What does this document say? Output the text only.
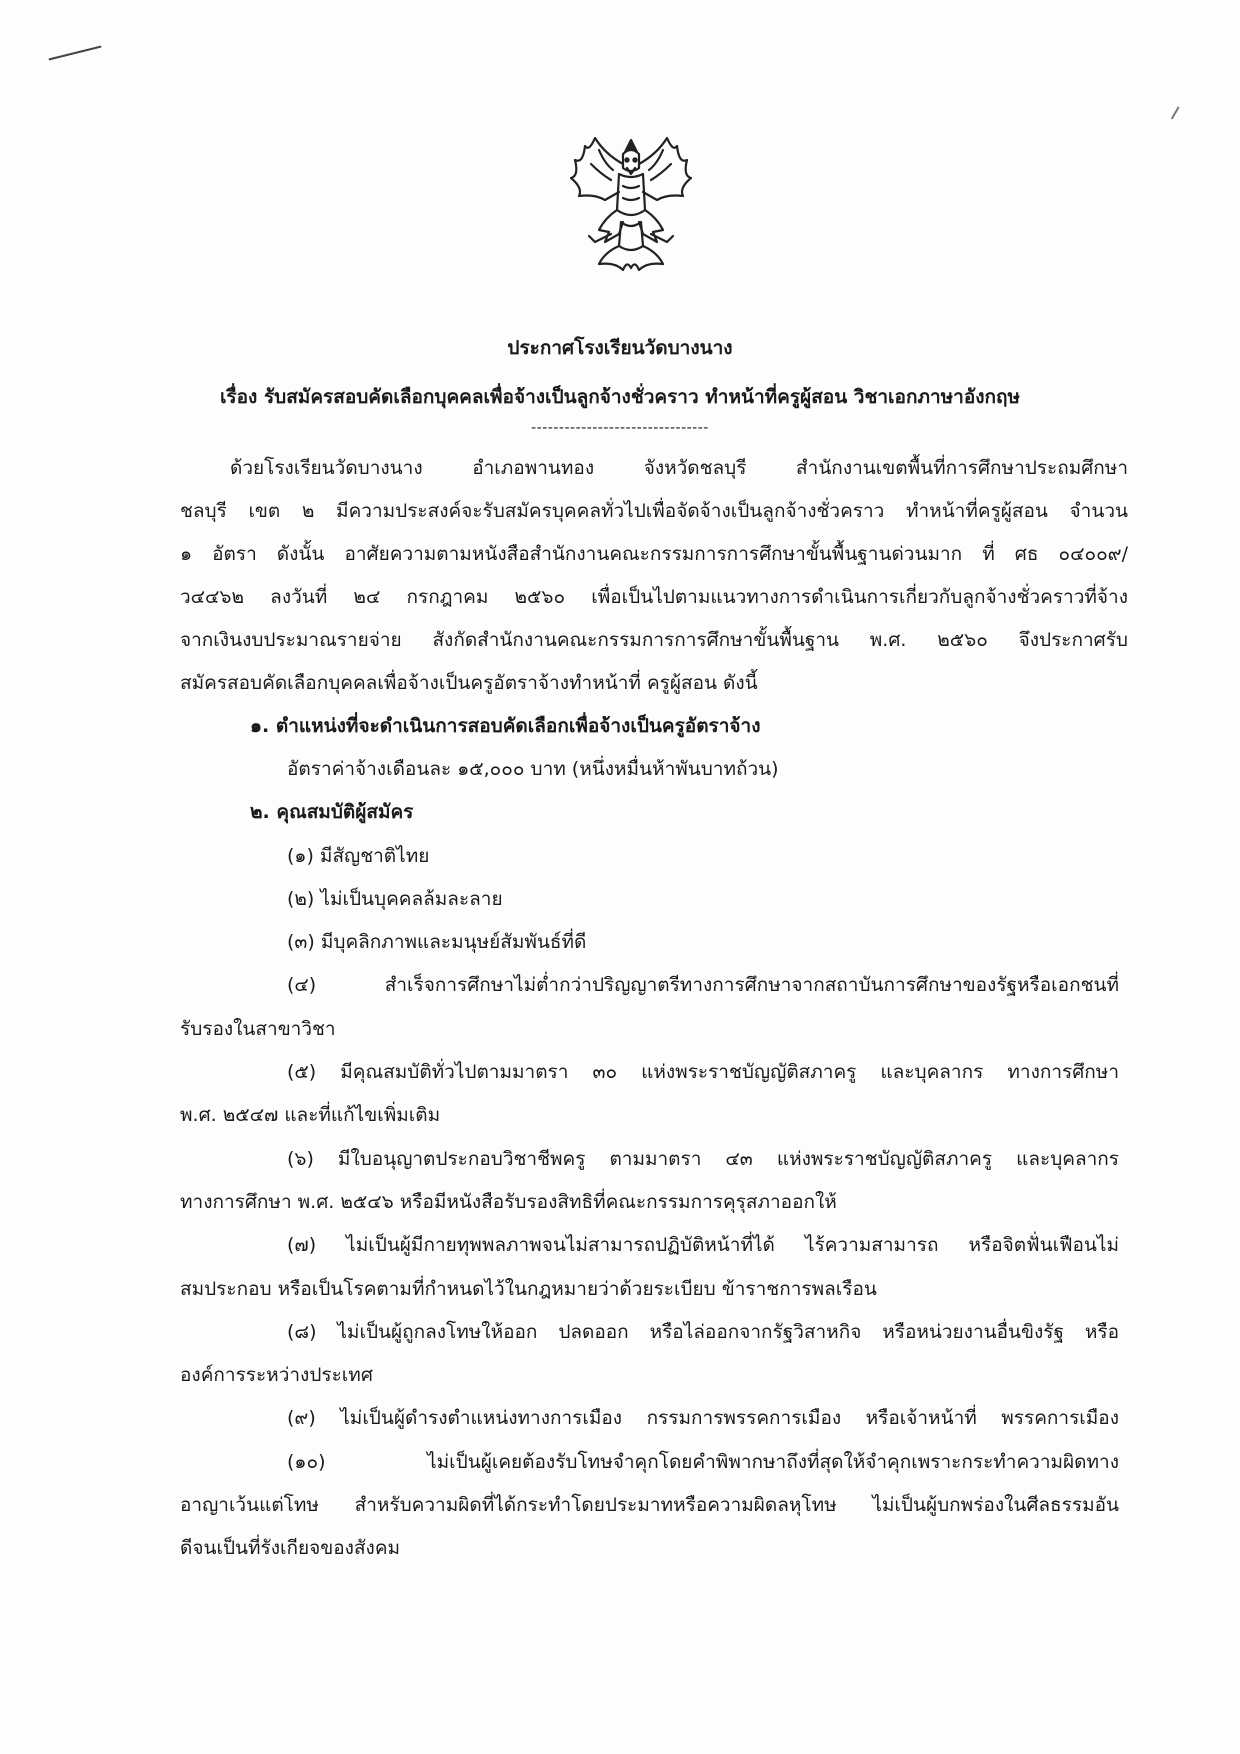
ประกาศโรงเรียนวัดบางนาง
เรื่อง รับสมัครสอบคัดเลือกบุคคลเพื่อจ้างเป็นลูกจ้างชั่วคราว ทำหน้าที่ครูผู้สอน วิชาเอกภาษาอังกฤษ
--------------------------------
ด้วยโรงเรียนวัดบางนาง อำเภอพานทอง จังหวัดชลบุรี สำนักงานเขตพื้นที่การศึกษาประถมศึกษา
ชลบุรี เขต ๒ มีความประสงค์จะรับสมัครบุคคลทั่วไปเพื่อจัดจ้างเป็นลูกจ้างชั่วคราว ทำหน้าที่ครูผู้สอน จำนวน
๑ อัตรา ดังนั้น อาศัยความตามหนังสือสำนักงานคณะกรรมการการศึกษาขั้นพื้นฐานด่วนมาก ที่ ศธ ๐๔๐๐๙/
ว๔๔๖๒ ลงวันที่ ๒๔ กรกฎาคม ๒๕๖๐ เพื่อเป็นไปตามแนวทางการดำเนินการเกี่ยวกับลูกจ้างชั่วคราวที่จ้าง
จากเงินงบประมาณรายจ่าย สังกัดสำนักงานคณะกรรมการการศึกษาขั้นพื้นฐาน พ.ศ. ๒๕๖๐ จึงประกาศรับ
สมัครสอบคัดเลือกบุคคลเพื่อจ้างเป็นครูอัตราจ้างทำหน้าที่ ครูผู้สอน ดังนี้
๑. ตำแหน่งที่จะดำเนินการสอบคัดเลือกเพื่อจ้างเป็นครูอัตราจ้าง
อัตราค่าจ้างเดือนละ ๑๕,๐๐๐ บาท (หนึ่งหมื่นห้าพันบาทถ้วน)
๒. คุณสมบัติผู้สมัคร
(๑) มีสัญชาติไทย
(๒) ไม่เป็นบุคคลล้มละลาย
(๓) มีบุคลิกภาพและมนุษย์สัมพันธ์ที่ดี
(๔) สำเร็จการศึกษาไม่ต่ำกว่าปริญญาตรีทางการศึกษาจากสถาบันการศึกษาของรัฐหรือเอกชนที่
รับรองในสาขาวิชา
(๕) มีคุณสมบัติทั่วไปตามมาตรา ๓๐ แห่งพระราชบัญญัติสภาครู และบุคลากร ทางการศึกษา
พ.ศ. ๒๕๔๗ และที่แก้ไขเพิ่มเติม
(๖) มีใบอนุญาตประกอบวิชาชีพครู ตามมาตรา ๔๓ แห่งพระราชบัญญัติสภาครู และบุคลากร
ทางการศึกษา พ.ศ. ๒๕๔๖ หรือมีหนังสือรับรองสิทธิที่คณะกรรมการคุรุสภาออกให้
(๗) ไม่เป็นผู้มีกายทุพพลภาพจนไม่สามารถปฏิบัติหน้าที่ได้ ไร้ความสามารถ หรือจิตฟั่นเฟือนไม่
สมประกอบ หรือเป็นโรคตามที่กำหนดไว้ในกฎหมายว่าด้วยระเบียบ ข้าราชการพลเรือน
(๘) ไม่เป็นผู้ถูกลงโทษให้ออก ปลดออก หรือไล่ออกจากรัฐวิสาหกิจ หรือหน่วยงานอื่นขิงรัฐ หรือ
องค์การระหว่างประเทศ
(๙) ไม่เป็นผู้ดำรงตำแหน่งทางการเมือง กรรมการพรรคการเมือง หรือเจ้าหน้าที่ พรรคการเมือง
(๑๐) ไม่เป็นผู้เคยต้องรับโทษจำคุกโดยคำพิพากษาถึงที่สุดให้จำคุกเพราะกระทำความผิดทาง
อาญาเว้นแต่โทษ สำหรับความผิดที่ได้กระทำโดยประมาทหรือความผิดลหุโทษ ไม่เป็นผู้บกพร่องในศีลธรรมอัน
ดีจนเป็นที่รังเกียจของสังคม
